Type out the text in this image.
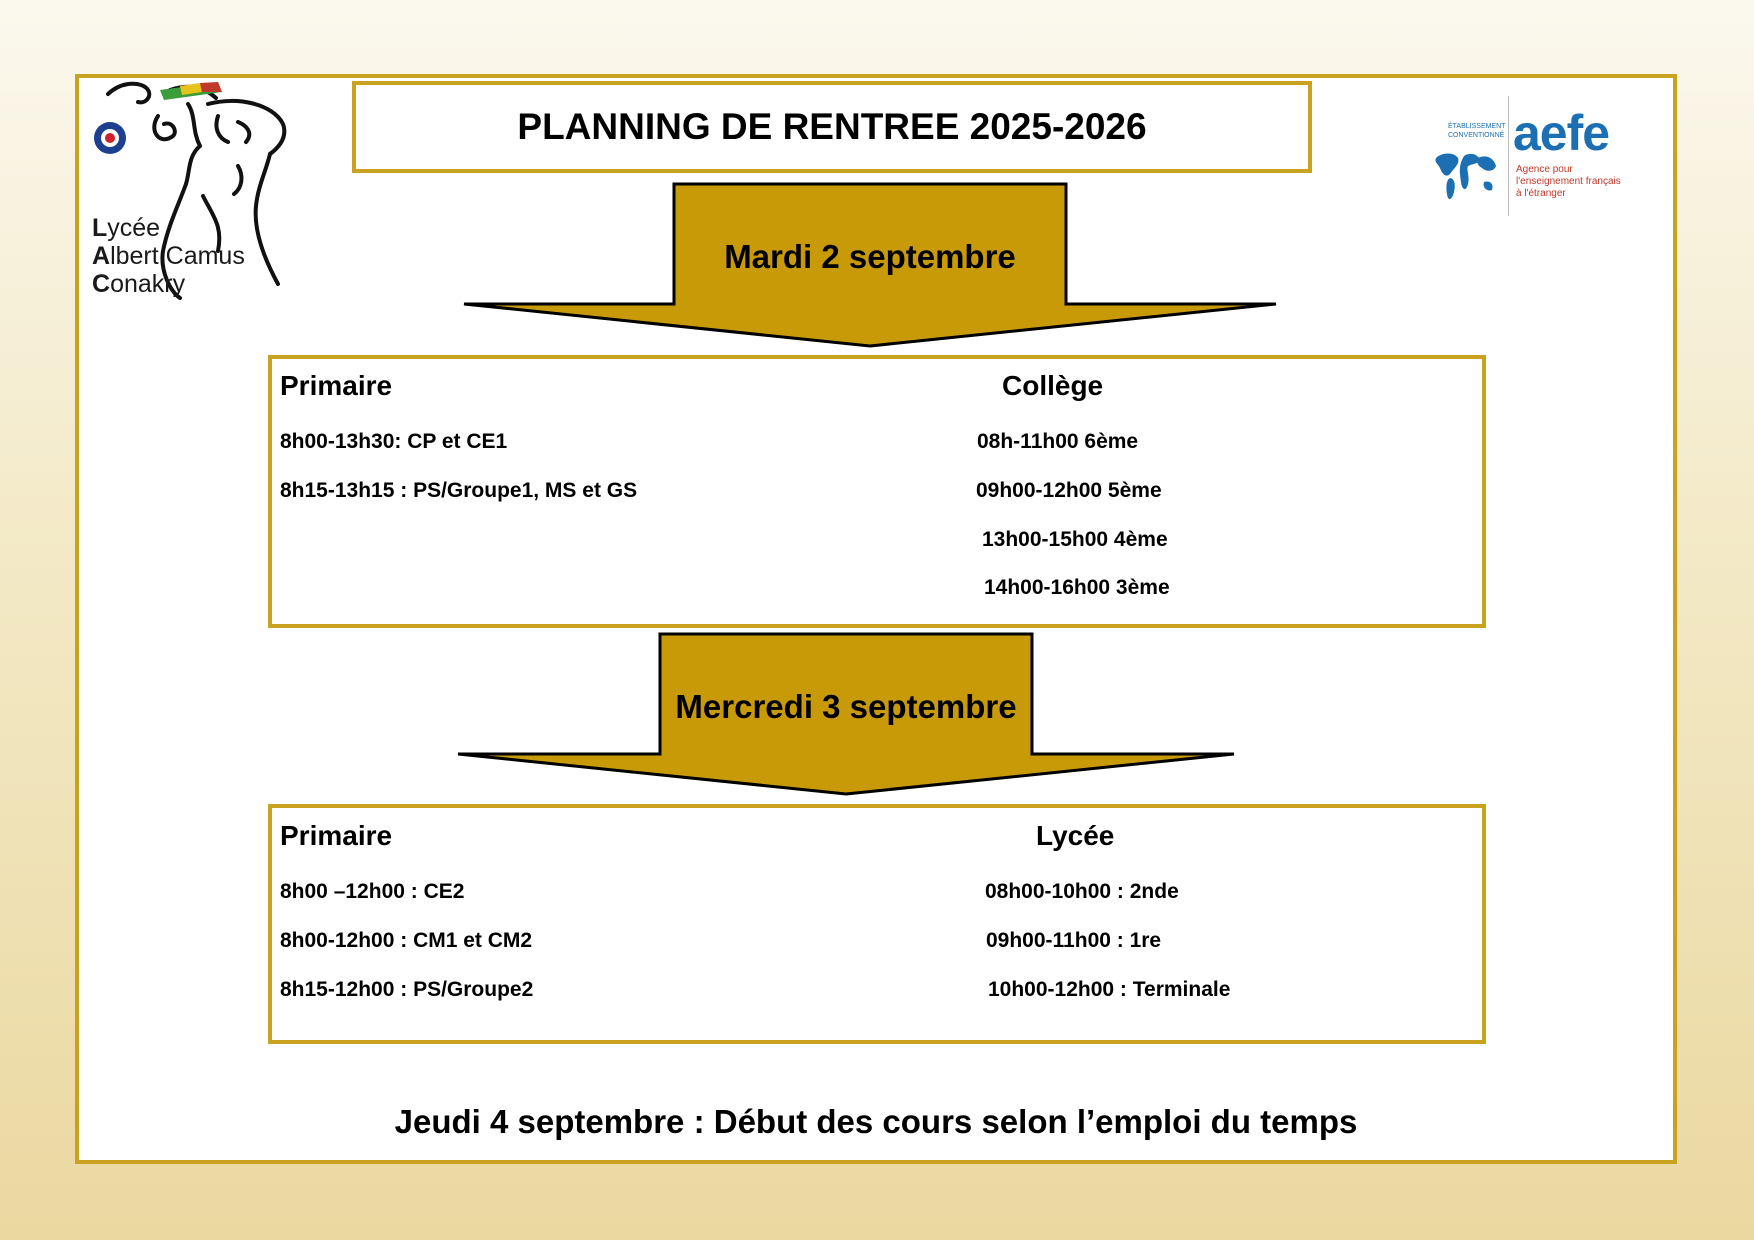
Lycée
Albert Camus
Conakry
ÉTABLISSEMENT
CONVENTIONNÉ aefe
Agence pour
l'enseignement français
à l'étranger
PLANNING DE RENTREE 2025-2026
Mardi 2 septembre
Primaire
8h00-13h30: CP et CE1
8h15-13h15 : PS/Groupe1, MS et GS
Collège
08h-11h00 6ème
09h00-12h00 5ème
13h00-15h00 4ème
14h00-16h00 3ème
Mercredi 3 septembre
Primaire
8h00 –12h00 : CE2
8h00-12h00 : CM1 et CM2
8h15-12h00 : PS/Groupe2
Lycée
08h00-10h00 : 2nde
09h00-11h00 : 1re
10h00-12h00 : Terminale
Jeudi 4 septembre : Début des cours selon l’emploi du temps
